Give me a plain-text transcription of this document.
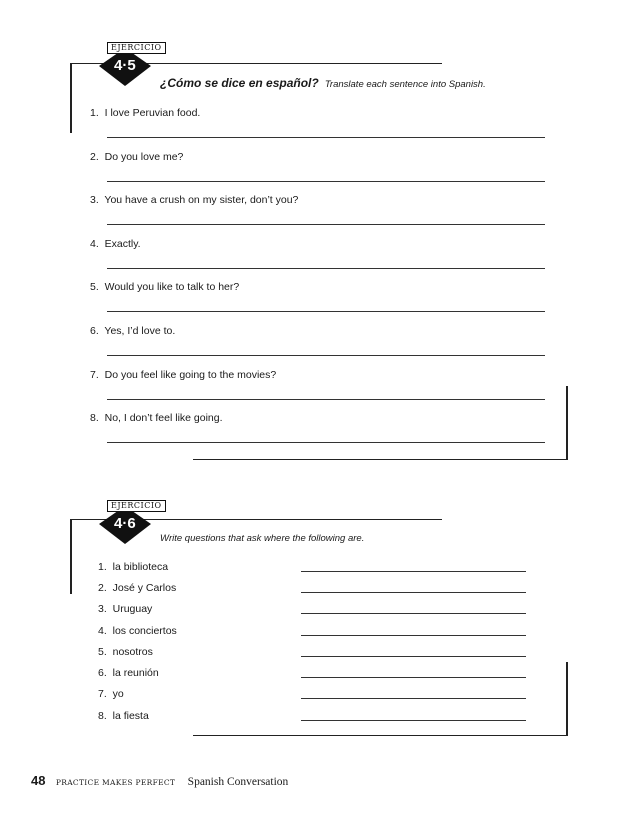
EJERCICIO
4·5
¿Cómo se dice en español? Translate each sentence into Spanish.
1. I love Peruvian food.
2. Do you love me?
3. You have a crush on my sister, don’t you?
4. Exactly.
5. Would you like to talk to her?
6. Yes, I’d love to.
7. Do you feel like going to the movies?
8. No, I don’t feel like going.
EJERCICIO
4·6
Write questions that ask where the following are.
1. la biblioteca
2. José y Carlos
3. Uruguay
4. los conciertos
5. nosotros
6. la reunión
7. yo
8. la fiesta
48 PRACTICE MAKES PERFECT Spanish Conversation
